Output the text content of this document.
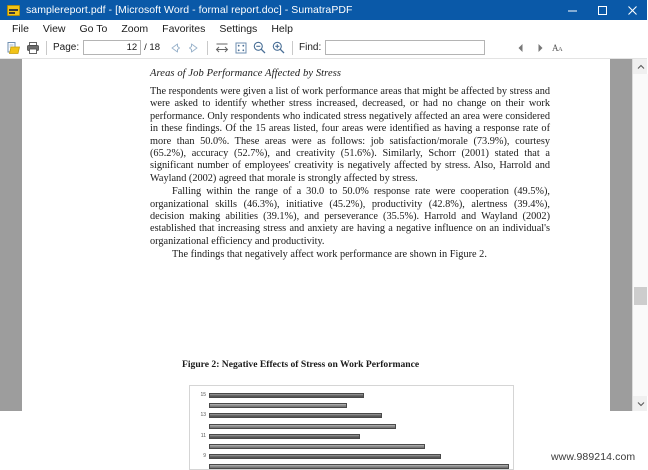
samplereport.pdf - [Microsoft Word - formal report.doc] - SumatraPDF
File	View	Go To	Zoom	Favorites	Settings	Help
Page:
12	/ 18	Find:	A A
Areas of Job Performance Affected by Stress

The respondents were given a list of work performance areas that might be affected by stress and were asked to identify whether stress increased, decreased, or had no change on their work performance. Only respondents who indicated stress negatively affected an area were considered in these findings. Of the 15 areas listed, four areas were identified as having a response rate of more than 50.0%. These areas were as follows: job satisfaction/morale (73.9%), courtesy (65.2%), accuracy (52.7%), and creativity (51.6%). Similarly, Schorr (2001) stated that a significant number of employees' creativity is negatively affected by stress. Also, Harrold and Wayland (2002) agreed that morale is strongly affected by stress.

Falling within the range of a 30.0 to 50.0% response rate were cooperation (49.5%), organizational skills (46.3%), initiative (45.2%), productivity (42.8%), alertness (39.4%), decision making abilities (39.1%), and perseverance (35.5%). Harrold and Wayland (2002) established that increasing stress and anxiety are having a negative influence on an individual's organizational efficiency and productivity.

The findings that negatively affect work performance are shown in Figure 2.

Figure 2: Negative Effects of Stress on Work Performance
15
13
11
9	www.989214.com
